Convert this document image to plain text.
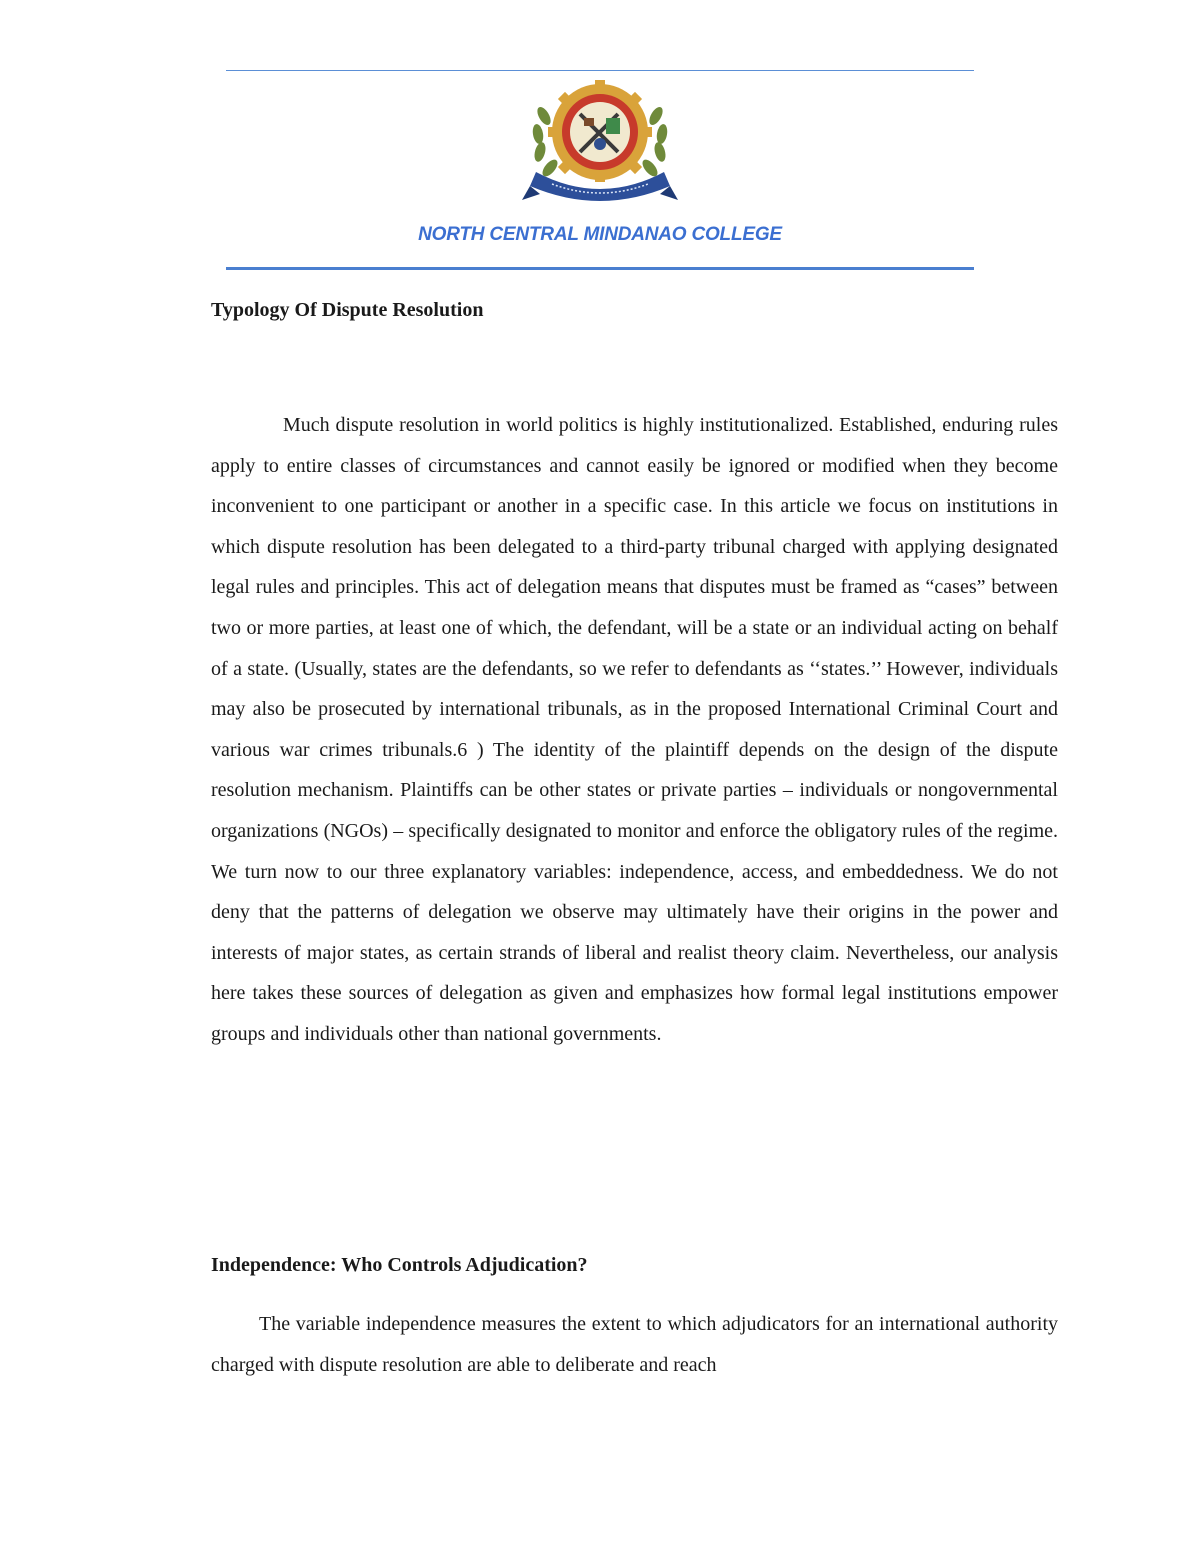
NORTH CENTRAL MINDANAO COLLEGE
Typology Of Dispute Resolution

Much dispute resolution in world politics is highly institutionalized. Established, enduring rules apply to entire classes of circumstances and cannot easily be ignored or modified when they become inconvenient to one participant or another in a specific case. In this article we focus on institutions in which dispute resolution has been delegated to a third-party tribunal charged with applying designated legal rules and principles. This act of delegation means that disputes must be framed as “cases” between two or more parties, at least one of which, the defendant, will be a state or an individual acting on behalf of a state. (Usually, states are the defendants, so we refer to defendants as ‘‘states.’’ However, individuals may also be prosecuted by international tribunals, as in the proposed International Criminal Court and various war crimes tribunals.6 ) The identity of the plaintiff depends on the design of the dispute resolution mechanism. Plaintiffs can be other states or private parties – individuals or nongovernmental organizations (NGOs) – specifically designated to monitor and enforce the obligatory rules of the regime. We turn now to our three explanatory variables: independence, access, and embeddedness. We do not deny that the patterns of delegation we observe may ultimately have their origins in the power and interests of major states, as certain strands of liberal and realist theory claim. Nevertheless, our analysis here takes these sources of delegation as given and emphasizes how formal legal institutions empower groups and individuals other than national governments.

Independence: Who Controls Adjudication?

The variable independence measures the extent to which adjudicators for an international authority charged with dispute resolution are able to deliberate and reach
